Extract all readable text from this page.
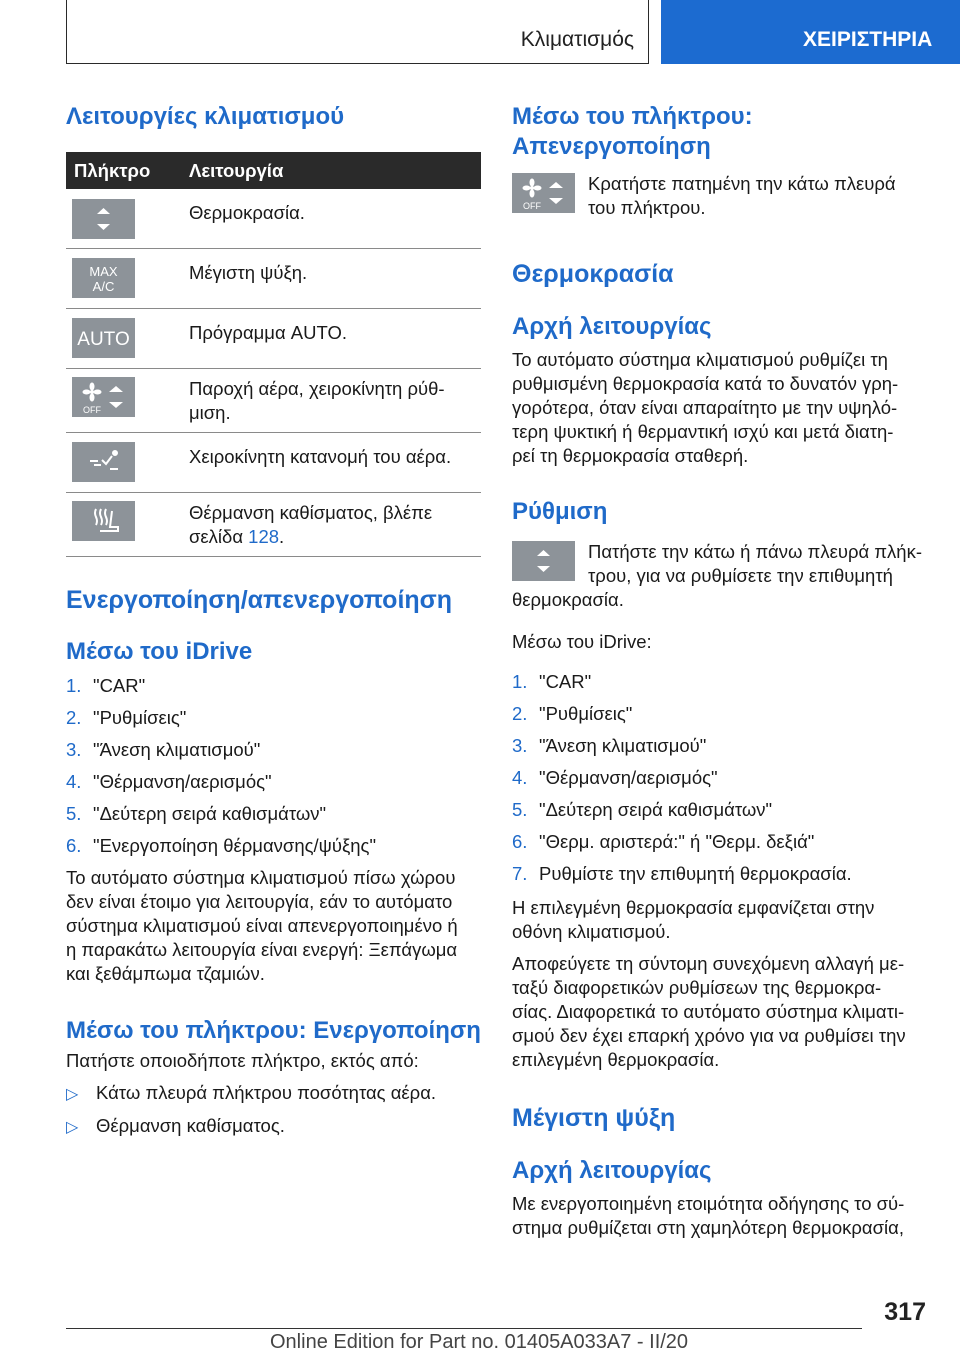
Κλιματισμός	ΧΕΙΡΙΣΤΗΡΙΑ
Λειτουργίες κλιματισμού
Πλήκτρο Λειτουργία
Θερμοκρασία.
MAX
A/C
Μέγιστη ψύξη.
AUTO	Πρόγραμμα AUTO.
OFF
Παροχή αέρα, χειροκίνητη ρύθ-
μιση.
Χειροκίνητη κατανομή του αέρα.
Θέρμανση καθίσματος, βλέπε
σελίδα 128.
Ενεργοποίηση/απενεργοποίηση
Μέσω του iDrive
1. "CAR"
2. "Ρυθμίσεις"
3. "Άνεση κλιματισμού"
4. "Θέρμανση/αερισμός"
5. "Δεύτερη σειρά καθισμάτων"
6. "Ενεργοποίηση θέρμανσης/ψύξης"
Το αυτόματο σύστημα κλιματισμού πίσω χώρου
δεν είναι έτοιμο για λειτουργία, εάν το αυτόματο
σύστημα κλιματισμού είναι απενεργοποιημένο ή
η παρακάτω λειτουργία είναι ενεργή: Ξεπάγωμα
και ξεθάμπωμα τζαμιών.
Μέσω του πλήκτρου: Ενεργοποίηση
Πατήστε οποιοδήποτε πλήκτρο, εκτός από:
▷ Κάτω πλευρά πλήκτρου ποσότητας αέρα.
▷ Θέρμανση καθίσματος.
Μέσω του πλήκτρου:
Απενεργοποίηση
OFF
Κρατήστε πατημένη την κάτω πλευρά
του πλήκτρου.
Θερμοκρασία
Αρχή λειτουργίας
Το αυτόματο σύστημα κλιματισμού ρυθμίζει τη
ρυθμισμένη θερμοκρασία κατά το δυνατόν γρη-
γορότερα, όταν είναι απαραίτητο με την υψηλό-
τερη ψυκτική ή θερμαντική ισχύ και μετά διατη-
ρεί τη θερμοκρασία σταθερή.
Ρύθμιση
Πατήστε την κάτω ή πάνω πλευρά πλήκ-
τρου, για να ρυθμίσετε την επιθυμητή
θερμοκρασία.
Μέσω του iDrive:
1. "CAR"
2. "Ρυθμίσεις"
3. "Άνεση κλιματισμού"
4. "Θέρμανση/αερισμός"
5. "Δεύτερη σειρά καθισμάτων"
6. "Θερμ. αριστερά:" ή "Θερμ. δεξιά"
7. Ρυθμίστε την επιθυμητή θερμοκρασία.
Η επιλεγμένη θερμοκρασία εμφανίζεται στην
οθόνη κλιματισμού.
Αποφεύγετε τη σύντομη συνεχόμενη αλλαγή με-
ταξύ διαφορετικών ρυθμίσεων της θερμοκρα-
σίας. Διαφορετικά το αυτόματο σύστημα κλιματι-
σμού δεν έχει επαρκή χρόνο για να ρυθμίσει την
επιλεγμένη θερμοκρασία.
Μέγιστη ψύξη
Αρχή λειτουργίας
Με ενεργοποιημένη ετοιμότητα οδήγησης το σύ-
στημα ρυθμίζεται στη χαμηλότερη θερμοκρασία,
317
Online Edition for Part no. 01405A033A7 - II/20
